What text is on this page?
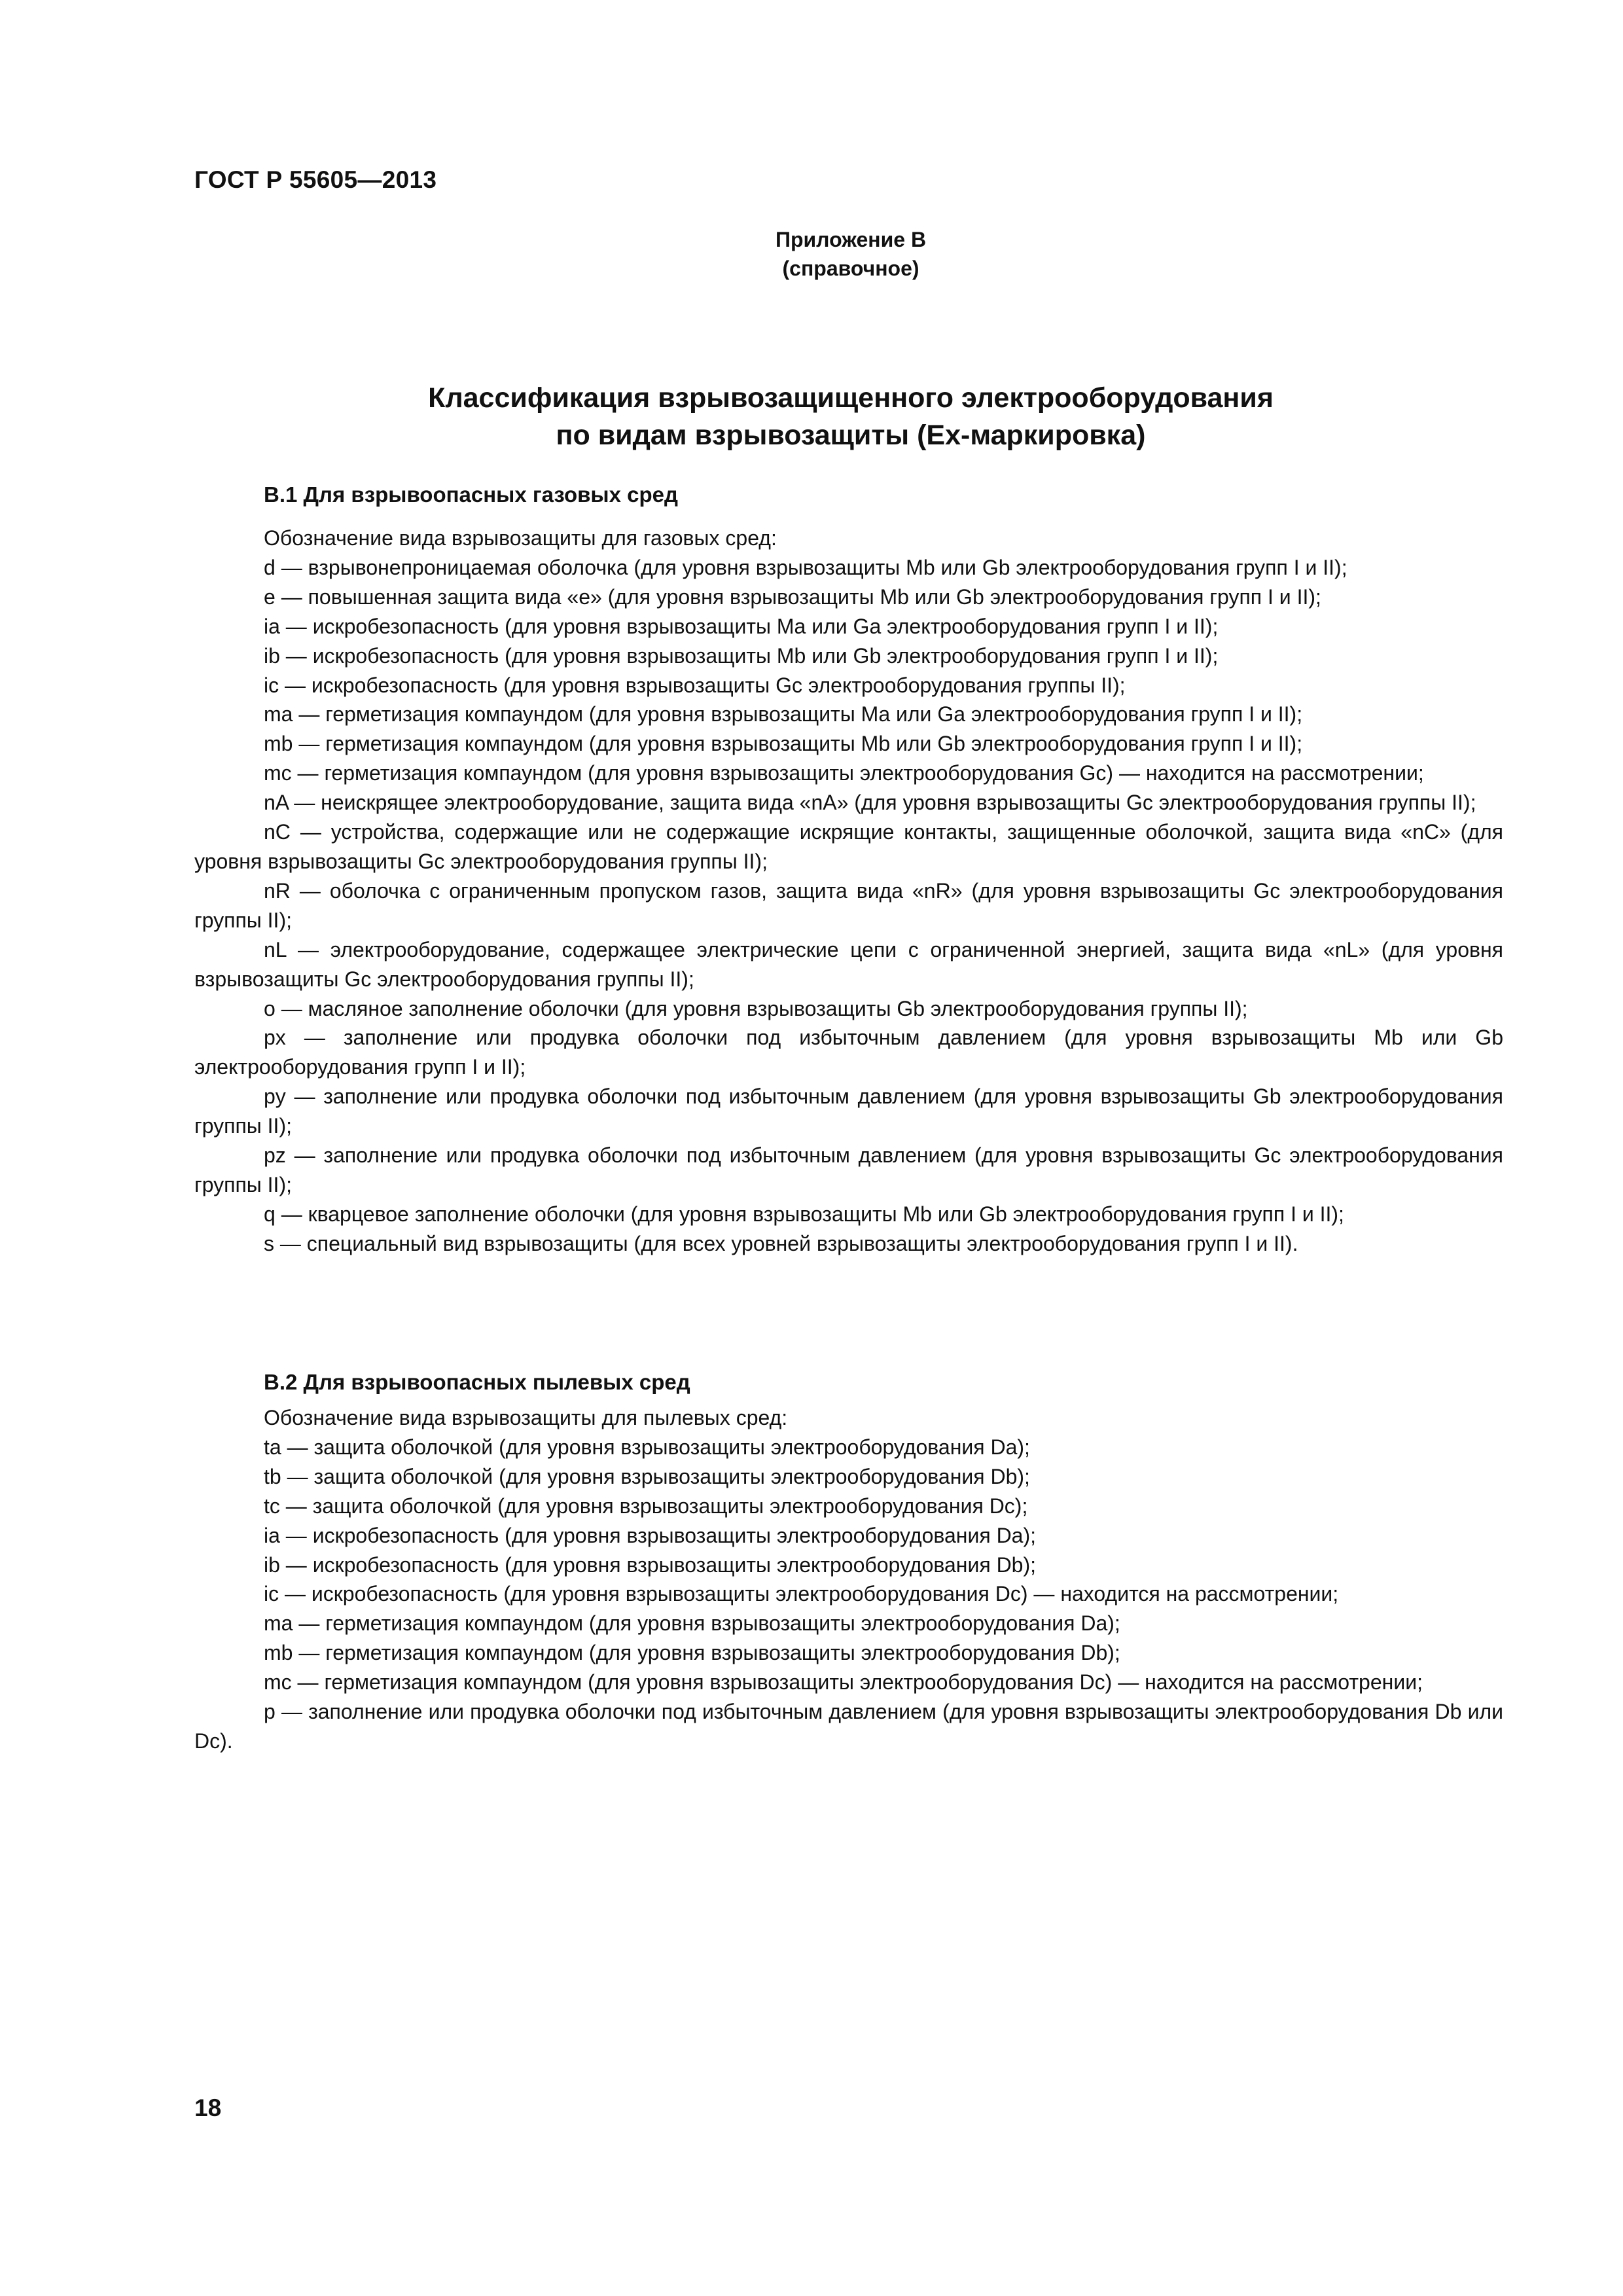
ГОСТ Р 55605—2013
Приложение В
(справочное)
Классификация взрывозащищенного электрооборудования
по видам взрывозащиты (Ex-маркировка)
В.1 Для взрывоопасных газовых сред

Обозначение вида взрывозащиты для газовых сред:

d — взрывонепроницаемая оболочка (для уровня взрывозащиты Mb или Gb электрооборудования групп I и II);

e — повышенная защита вида «e» (для уровня взрывозащиты Mb или Gb электрооборудования групп I и II);

ia — искробезопасность (для уровня взрывозащиты Ma или Ga электрооборудования групп I и II);

ib — искробезопасность (для уровня взрывозащиты Mb или Gb электрооборудования групп I и II);

ic — искробезопасность (для уровня взрывозащиты Gc электрооборудования группы II);

ma — герметизация компаундом (для уровня взрывозащиты Ma или Ga электрооборудования групп I и II);

mb — герметизация компаундом (для уровня взрывозащиты Mb или Gb электрооборудования групп I и II);

mc — герметизация компаундом (для уровня взрывозащиты электрооборудования Gc) — находится на рассмотрении;

nA — неискрящее электрооборудование, защита вида «nA» (для уровня взрывозащиты Gc электрооборудования группы II);

nC — устройства, содержащие или не содержащие искрящие контакты, защищенные оболочкой, защита вида «nC» (для уровня взрывозащиты Gc электрооборудования группы II);

nR — оболочка с ограниченным пропуском газов, защита вида «nR» (для уровня взрывозащиты Gc электрооборудования группы II);

nL — электрооборудование, содержащее электрические цепи с ограниченной энергией, защита вида «nL» (для уровня взрывозащиты Gc электрооборудования группы II);

o — масляное заполнение оболочки (для уровня взрывозащиты Gb электрооборудования группы II);

px — заполнение или продувка оболочки под избыточным давлением (для уровня взрывозащиты Mb или Gb электрооборудования групп I и II);

py — заполнение или продувка оболочки под избыточным давлением (для уровня взрывозащиты Gb электрооборудования группы II);

pz — заполнение или продувка оболочки под избыточным давлением (для уровня взрывозащиты Gc электрооборудования группы II);

q — кварцевое заполнение оболочки (для уровня взрывозащиты Mb или Gb электрооборудования групп I и II);

s — специальный вид взрывозащиты (для всех уровней взрывозащиты электрооборудования групп I и II).

В.2 Для взрывоопасных пылевых сред

Обозначение вида взрывозащиты для пылевых сред:

ta — защита оболочкой (для уровня взрывозащиты электрооборудования Da);

tb — защита оболочкой (для уровня взрывозащиты электрооборудования Db);

tc — защита оболочкой (для уровня взрывозащиты электрооборудования Dc);

ia — искробезопасность (для уровня взрывозащиты электрооборудования Da);

ib — искробезопасность (для уровня взрывозащиты электрооборудования Db);

ic — искробезопасность (для уровня взрывозащиты электрооборудования Dc) — находится на рассмотрении;

ma — герметизация компаундом (для уровня взрывозащиты электрооборудования Da);

mb — герметизация компаундом (для уровня взрывозащиты электрооборудования Db);

mc — герметизация компаундом (для уровня взрывозащиты электрооборудования Dc) — находится на рассмотрении;

p — заполнение или продувка оболочки под избыточным давлением (для уровня взрывозащиты электрооборудования Db или Dc).

18
